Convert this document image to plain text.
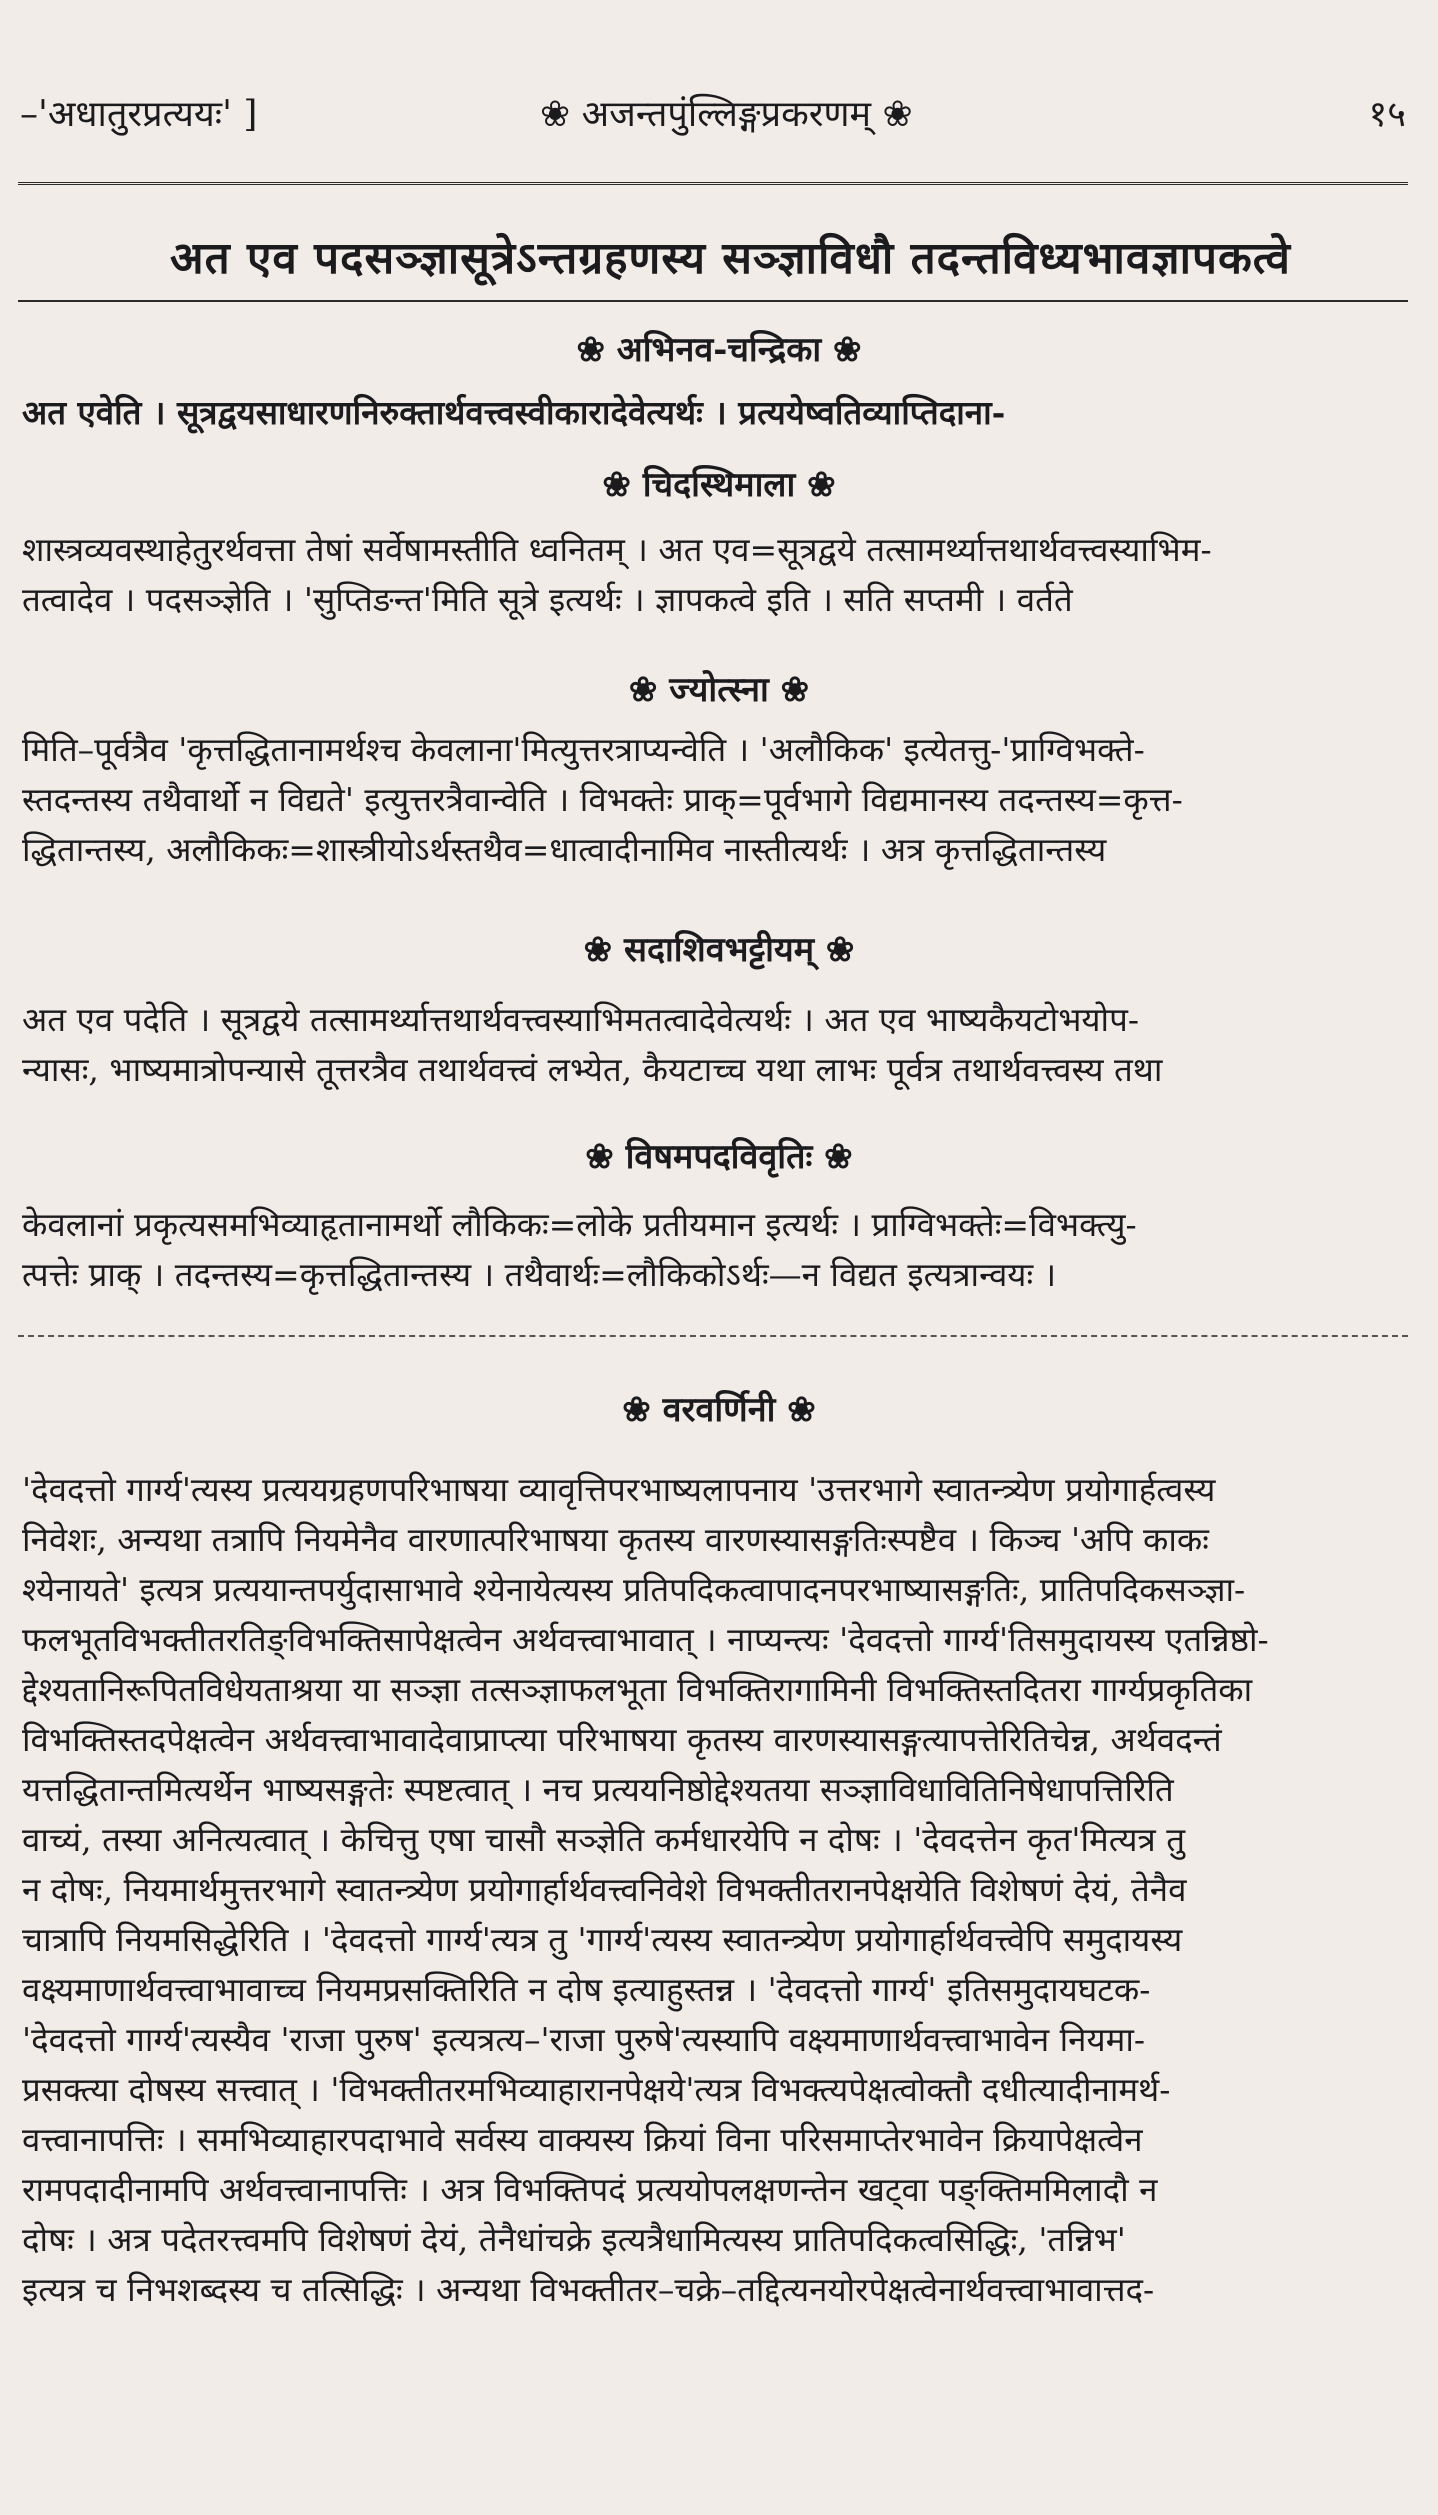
–'अधातुरप्रत्ययः' ]	❀ अजन्तपुंल्लिङ्गप्रकरणम् ❀	१५
अत एव पदसञ्ज्ञासूत्रेऽन्तग्रहणस्य सञ्ज्ञाविधौ तदन्तविध्यभावज्ञापकत्वे
❀ अभिनव-चन्द्रिका ❀
अत एवेति । सूत्रद्वयसाधारणनिरुक्तार्थवत्त्वस्वीकारादेवेत्यर्थः । प्रत्ययेष्वतिव्याप्तिदाना-
❀ चिदस्थिमाला ❀
शास्त्रव्यवस्थाहेतुरर्थवत्ता तेषां सर्वेषामस्तीति ध्वनितम् । अत एव=सूत्रद्वये तत्सामर्थ्यात्तथार्थवत्त्वस्याभिम-
तत्वादेव । पदसञ्ज्ञेति । 'सुप्तिङन्त'मिति सूत्रे इत्यर्थः । ज्ञापकत्वे इति । सति सप्तमी । वर्तते
❀ ज्योत्स्ना ❀
मिति–पूर्वत्रैव 'कृत्तद्धितानामर्थश्च केवलाना'मित्युत्तरत्राप्यन्वेति । 'अलौकिक' इत्येतत्तु-'प्राग्विभक्ते-
स्तदन्तस्य तथैवार्थो न विद्यते' इत्युत्तरत्रैवान्वेति । विभक्तेः प्राक्=पूर्वभागे विद्यमानस्य तदन्तस्य=कृत्त-
द्धितान्तस्य, अलौकिकः=शास्त्रीयोऽर्थस्तथैव=धात्वादीनामिव नास्तीत्यर्थः । अत्र कृत्तद्धितान्तस्य
❀ सदाशिवभट्टीयम् ❀
अत एव पदेति । सूत्रद्वये तत्सामर्थ्यात्तथार्थवत्त्वस्याभिमतत्वादेवेत्यर्थः । अत एव भाष्यकैयटोभयोप-
न्यासः, भाष्यमात्रोपन्यासे तूत्तरत्रैव तथार्थवत्त्वं लभ्येत, कैयटाच्च यथा लाभः पूर्वत्र तथार्थवत्त्वस्य तथा
❀ विषमपदविवृतिः ❀
केवलानां प्रकृत्यसमभिव्याहृतानामर्थो लौकिकः=लोके प्रतीयमान इत्यर्थः । प्राग्विभक्तेः=विभक्त्यु-
त्पत्तेः प्राक् । तदन्तस्य=कृत्तद्धितान्तस्य । तथैवार्थः=लौकिकोऽर्थः—न विद्यत इत्यत्रान्वयः ।
❀ वरवर्णिनी ❀
'देवदत्तो गार्ग्य'त्यस्य प्रत्ययग्रहणपरिभाषया व्यावृत्तिपरभाष्यलापनाय 'उत्तरभागे स्वातन्त्र्येण प्रयोगार्हत्वस्य
निवेशः, अन्यथा तत्रापि नियमेनैव वारणात्परिभाषया कृतस्य वारणस्यासङ्गतिःस्पष्टैव । किञ्च 'अपि काकः
श्येनायते' इत्यत्र प्रत्ययान्तपर्युदासाभावे श्येनायेत्यस्य प्रतिपदिकत्वापादनपरभाष्यासङ्गतिः, प्रातिपदिकसञ्ज्ञा-
फलभूतविभक्तीतरतिङ्विभक्तिसापेक्षत्वेन अर्थवत्त्वाभावात् । नाप्यन्त्यः 'देवदत्तो गार्ग्य'तिसमुदायस्य एतन्निष्ठो-
द्देश्यतानिरूपितविधेयताश्रया या सञ्ज्ञा तत्सञ्ज्ञाफलभूता विभक्तिरागामिनी विभक्तिस्तदितरा गार्ग्यप्रकृतिका
विभक्तिस्तदपेक्षत्वेन अर्थवत्त्वाभावादेवाप्राप्त्या परिभाषया कृतस्य वारणस्यासङ्गत्यापत्तेरितिचेन्न, अर्थवदन्तं
यत्तद्धितान्तमित्यर्थेन भाष्यसङ्गतेः स्पष्टत्वात् । नच प्रत्ययनिष्ठोद्देश्यतया सञ्ज्ञाविधावितिनिषेधापत्तिरिति
वाच्यं, तस्या अनित्यत्वात् । केचित्तु एषा चासौ सञ्ज्ञेति कर्मधारयेपि न दोषः । 'देवदत्तेन कृत'मित्यत्र तु
न दोषः, नियमार्थमुत्तरभागे स्वातन्त्र्येण प्रयोगार्हार्थवत्त्वनिवेशे विभक्तीतरानपेक्षयेति विशेषणं देयं, तेनैव
चात्रापि नियमसिद्धेरिति । 'देवदत्तो गार्ग्य'त्यत्र तु 'गार्ग्य'त्यस्य स्वातन्त्र्येण प्रयोगार्हार्थवत्त्वेपि समुदायस्य
वक्ष्यमाणार्थवत्त्वाभावाच्च नियमप्रसक्तिरिति न दोष इत्याहुस्तन्न । 'देवदत्तो गार्ग्य' इतिसमुदायघटक-
'देवदत्तो गार्ग्य'त्यस्यैव 'राजा पुरुष' इत्यत्रत्य–'राजा पुरुषे'त्यस्यापि वक्ष्यमाणार्थवत्त्वाभावेन नियमा-
प्रसक्त्या दोषस्य सत्त्वात् । 'विभक्तीतरमभिव्याहारानपेक्षये'त्यत्र विभक्त्यपेक्षत्वोक्तौ दधीत्यादीनामर्थ-
वत्त्वानापत्तिः । समभिव्याहारपदाभावे सर्वस्य वाक्यस्य क्रियां विना परिसमाप्तेरभावेन क्रियापेक्षत्वेन
रामपदादीनामपि अर्थवत्त्वानापत्तिः । अत्र विभक्तिपदं प्रत्ययोपलक्षणन्तेन खट्वा पङ्क्तिममिलादौ न
दोषः । अत्र पदेतरत्त्वमपि विशेषणं देयं, तेनैधांचक्रे इत्यत्रैधामित्यस्य प्रातिपदिकत्वसिद्धिः, 'तन्निभ'
इत्यत्र च निभशब्दस्य च तत्सिद्धिः । अन्यथा विभक्तीतर–चक्रे–तद्दित्यनयोरपेक्षत्वेनार्थवत्त्वाभावात्तद-
